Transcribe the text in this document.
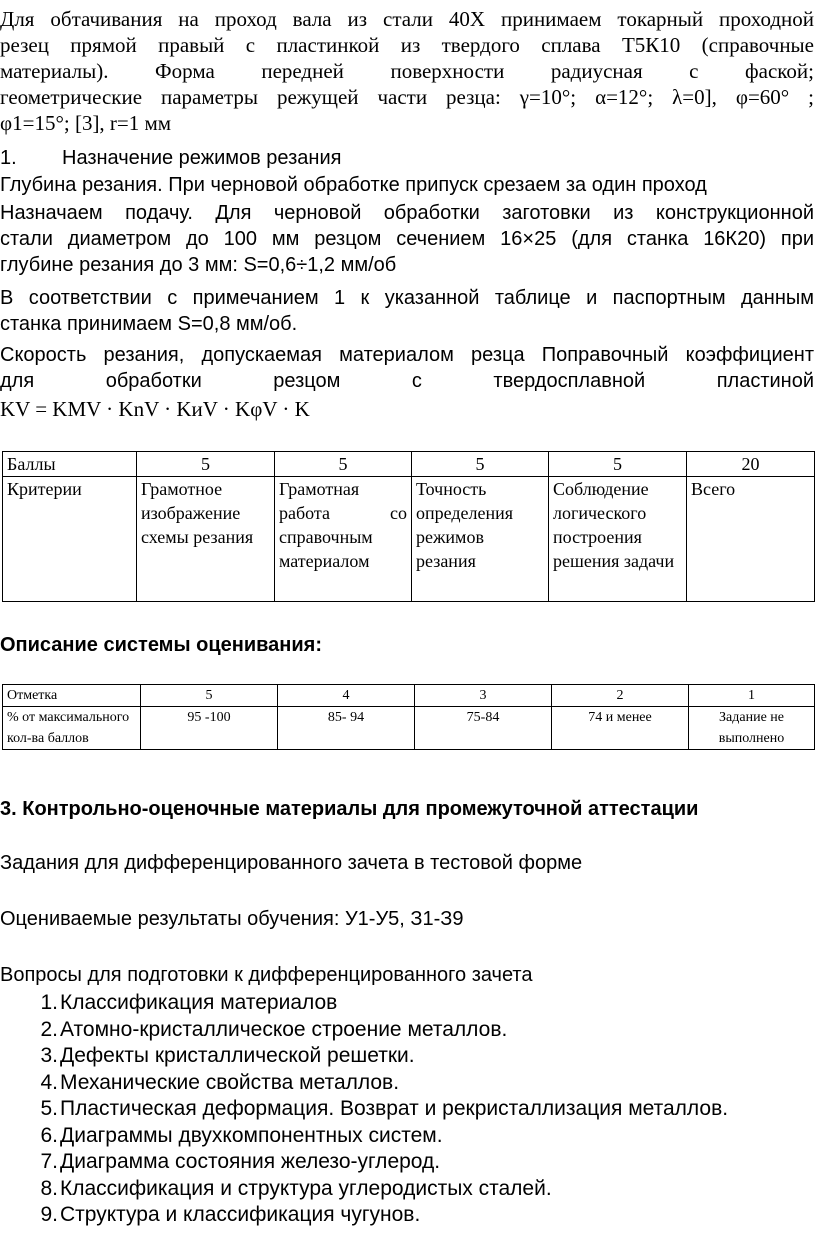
Для обтачивания на проход вала из стали 40Х принимаем токарный проходной
резец прямой правый с пластинкой из твердого сплава Т5К10 (справочные
материалы). Форма передней поверхности радиусная с фаской;
геометрические параметры режущей части резца: γ=10°; α=12°; λ=0], φ=60° ;
φ1=15°; [3], r=1 мм
1. Назначение режимов резания
Глубина резания. При черновой обработке припуск срезаем за один проход
Назначаем подачу. Для черновой обработки заготовки из конструкционной
стали диаметром до 100 мм резцом сечением 16×25 (для станка 16К20) при
глубине резания до 3 мм: S=0,6÷1,2 мм/об
В соответствии с примечанием 1 к указанной таблице и паспортным данным
станка принимаем S=0,8 мм/об.
Скорость резания, допускаемая материалом резца Поправочный коэффициент
для обработки резцом с твердосплавной пластиной
KV = KMV · KnV · KиV · KφV · K
Баллы	5	5	5	5	20
Критерии	Грамотное изображение схемы резания	Грамотная работа       со справочным материалом	Точность определения режимов резания	Соблюдение логического построения решения задачи	Всего
Описание системы оценивания:
Отметка	5	4	3	2	1
% от максимального кол-ва баллов	95 -100	85- 94	75-84	74 и менее	Задание не выполнено
3. Контрольно-оценочные материалы для промежуточной аттестации
Задания для дифференцированного зачета в тестовой форме
Оцениваемые результаты обучения: У1-У5, З1-З9
Вопросы для подготовки к дифференцированного зачета
1.Классификация материалов
2.Атомно-кристаллическое строение металлов.
3.Дефекты кристаллической решетки.
4.Механические свойства металлов.
5.Пластическая деформация. Возврат и рекристаллизация металлов.
6.Диаграммы двухкомпонентных систем.
7.Диаграмма состояния железо-углерод.
8.Классификация и структура углеродистых сталей.
9.Структура и классификация чугунов.
